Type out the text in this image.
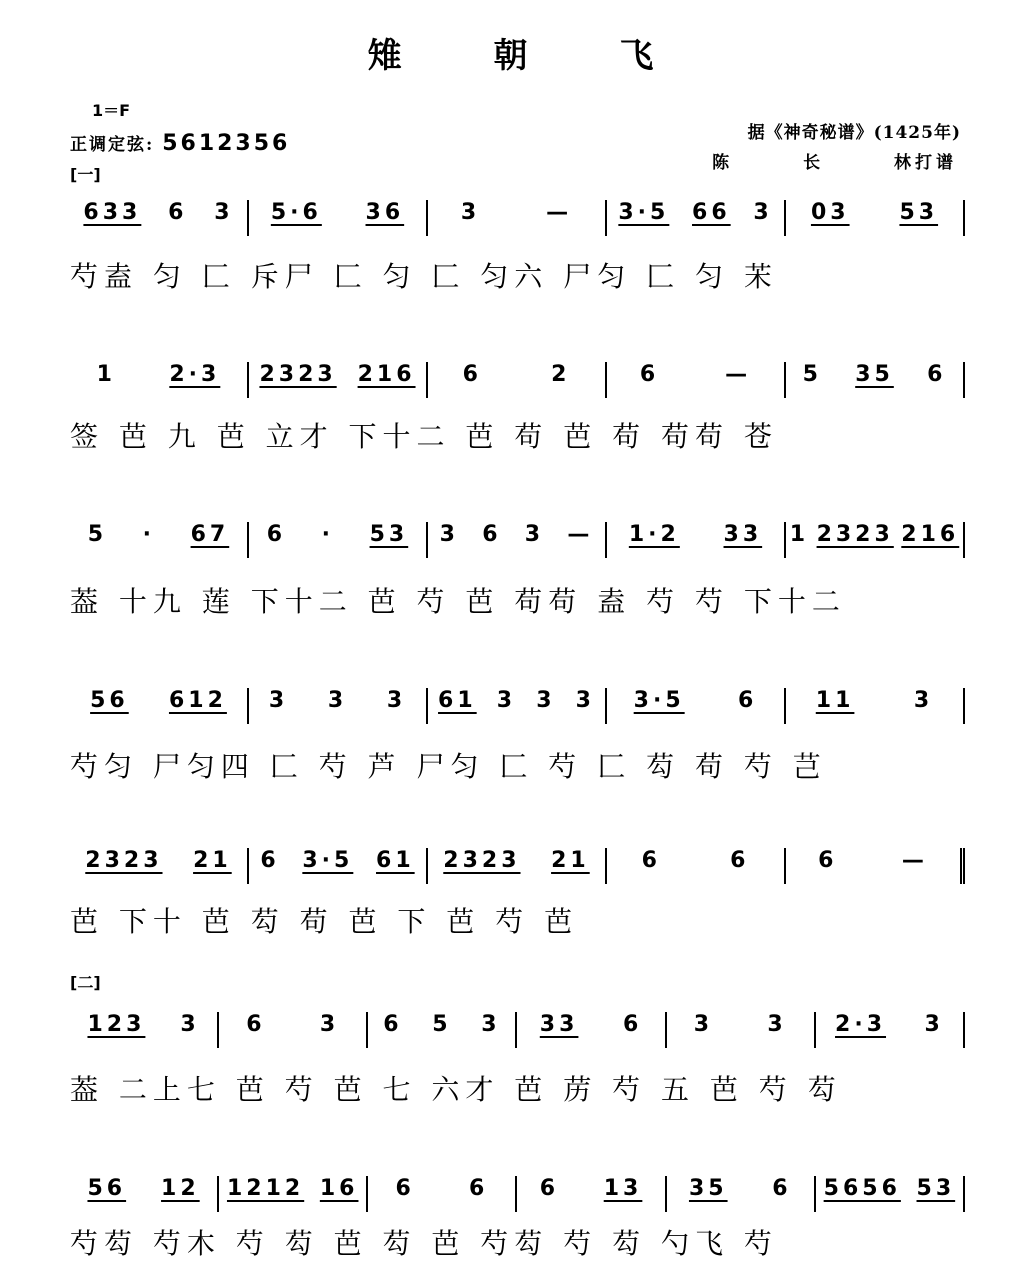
雉 朝 飞
1＝F
正调定弦: 5612356	据《神奇秘谱》(1425年)
陈	长	林打谱
[一]
[二]
633 6 3 5·6 36	3	— 3·5 66 3 03 53
芍盍 匀 匚 斥尸 匚 匀 匚 匀六 尸匀 匚 匀 㭉
1 2·3 2323 216 6	2	6	— 5 35 6
签 芭 九 芭 立才 下十二 芭 苟 芭 苟 苟苟 苍
5 · 67 6 · 53 3 6 3 — 1·2 33 1 2323 216
葢 十九 莲 下十二 芭 芍 芭 苟苟 盍 芍 芍 下十二
56 612 3 3 3 61 3 3 3 3·5 6	11	3
芍匀 尸匀四 匚 芍 芦 尸匀 匚 芍 匚 芶 苟 芍 芑
2323 21 6 3·5 61 2323 21 6	6	6	—
芭 下十 芭 芶 苟 芭 下 芭 芍 芭
123 3 6 3 6 5 3 33 6 3 3 2·3 3
葢 二上七 芭 芍 芭 七 六才 芭 苈 芍 五 芭 芍 芶
56 12 1212 16 6 6 6 13 35 6 5656 53
芍芶 芍木 芍 芶 芭 芶 芭 芍芶 芍 芶 勺飞 芍
